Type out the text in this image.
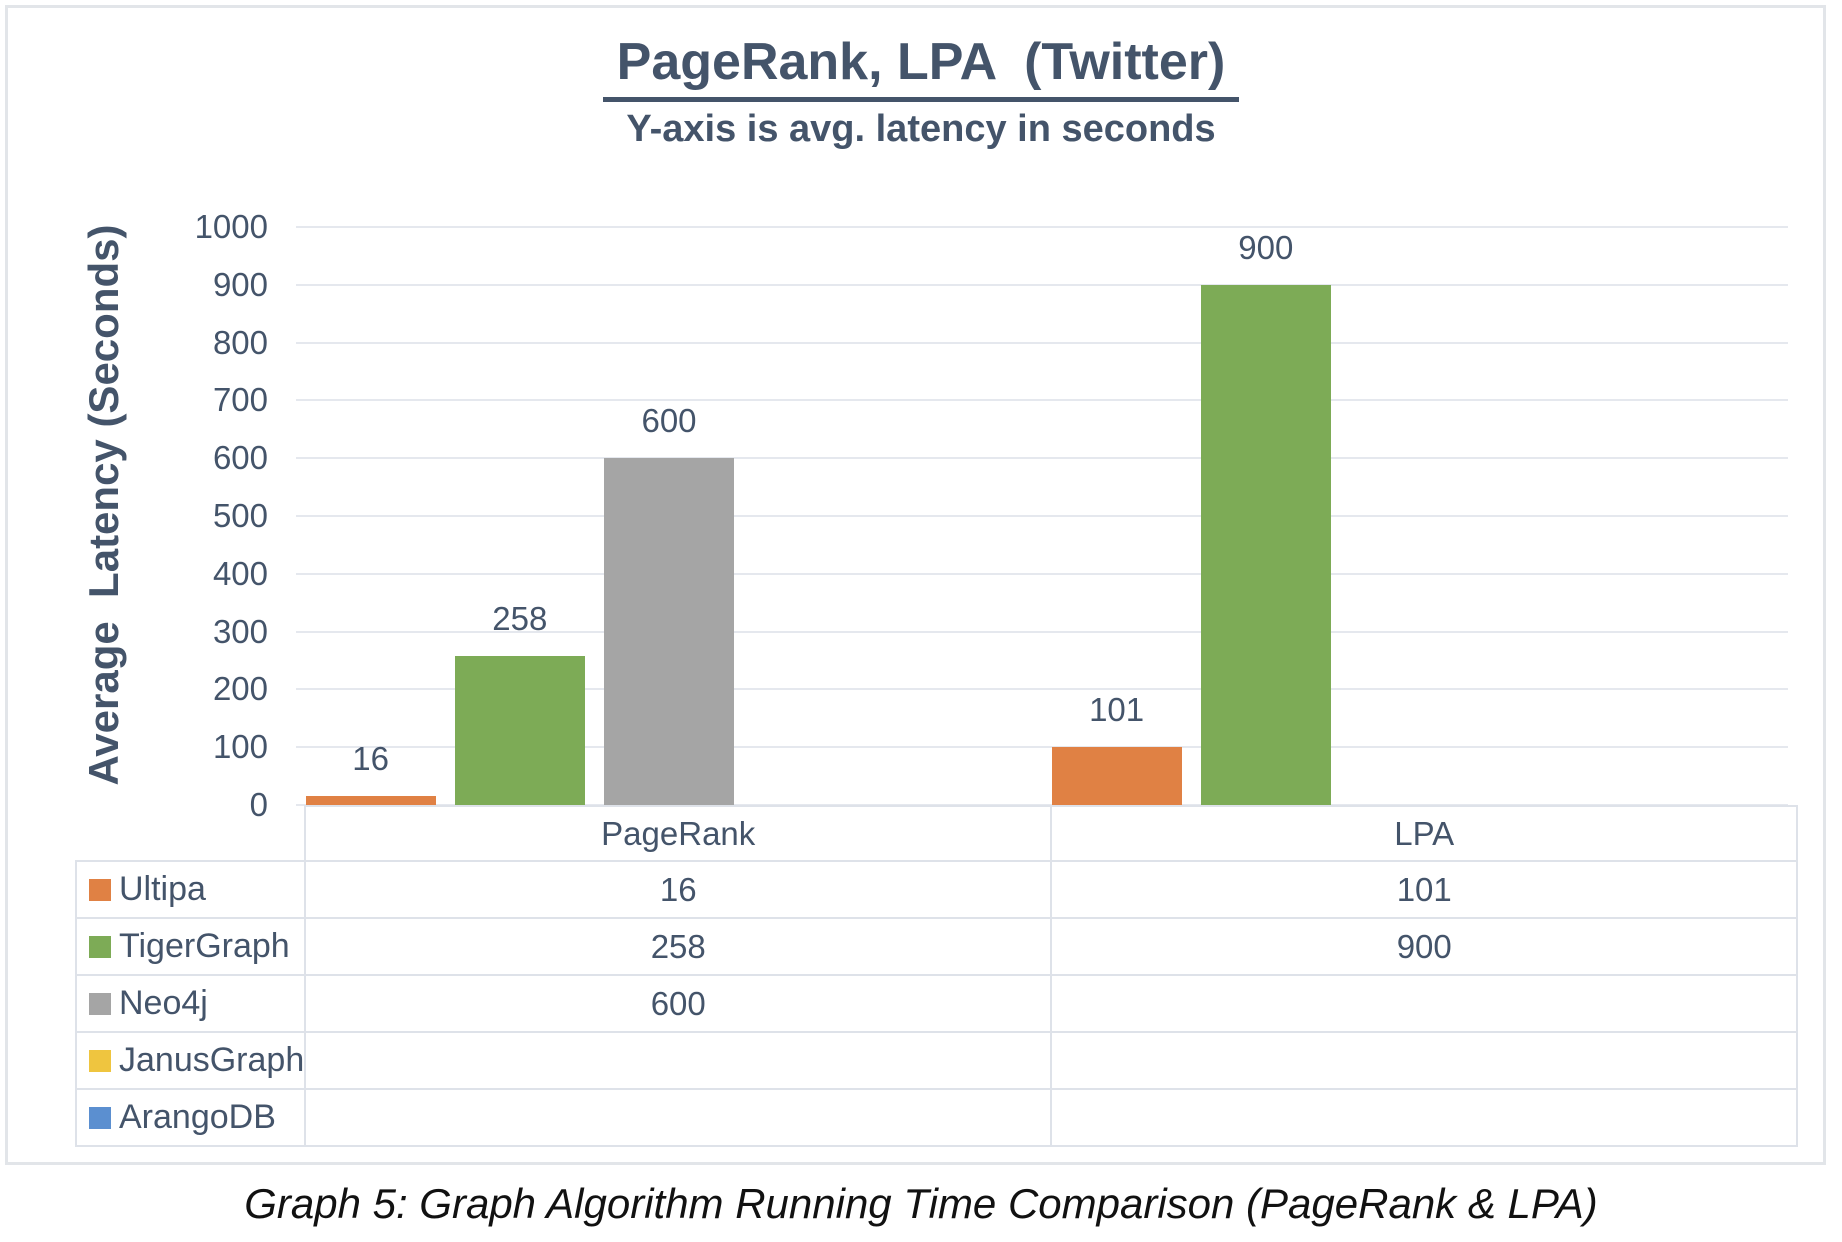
PageRank, LPA  (Twitter)
Y-axis is avg. latency in seconds
Average  Latency (Seconds)
0
100
200
300
400
500
600
700
800
900
1000
16
101
258
900
600
	PageRank	LPA
Ultipa	16	101
TigerGraph	258	900
Neo4j	600	
JanusGraph		
ArangoDB		
Graph 5: Graph Algorithm Running Time Comparison (PageRank & LPA)
